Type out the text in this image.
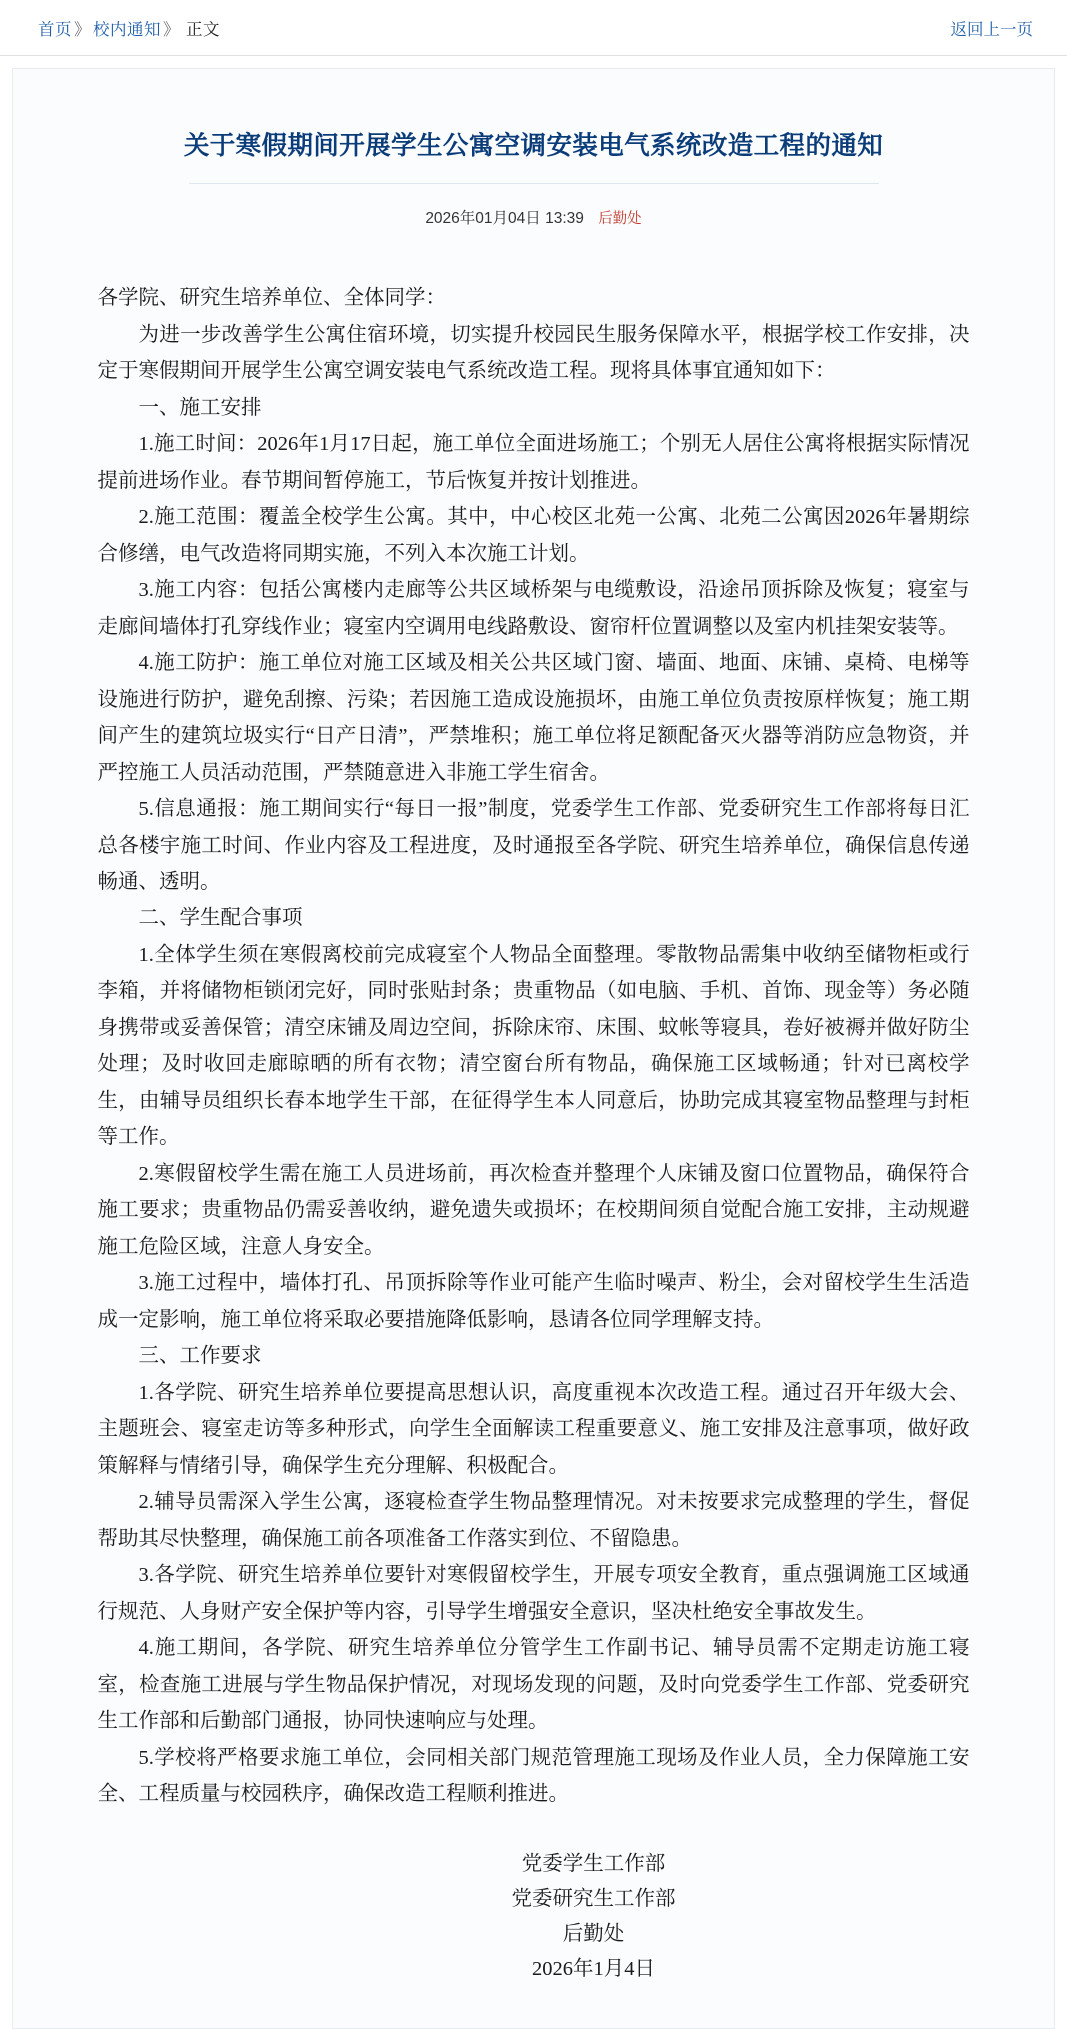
首页 》 校内通知 》 正文	返回上一页
关于寒假期间开展学生公寓空调安装电气系统改造工程的通知
2026年01月04日 13:39 后勤处

各学院、研究生培养单位、全体同学：

为进一步改善学生公寓住宿环境，切实提升校园民生服务保障水平，根据学校工作安排，决定于寒假期间开展学生公寓空调安装电气系统改造工程。现将具体事宜通知如下：

一、施工安排

1.施工时间：2026年1月17日起，施工单位全面进场施工；个别无人居住公寓将根据实际情况提前进场作业。春节期间暂停施工，节后恢复并按计划推进。

2.施工范围：覆盖全校学生公寓。其中，中心校区北苑一公寓、北苑二公寓因2026年暑期综合修缮，电气改造将同期实施，不列入本次施工计划。

3.施工内容：包括公寓楼内走廊等公共区域桥架与电缆敷设，沿途吊顶拆除及恢复；寝室与走廊间墙体打孔穿线作业；寝室内空调用电线路敷设、窗帘杆位置调整以及室内机挂架安装等。

4.施工防护：施工单位对施工区域及相关公共区域门窗、墙面、地面、床铺、桌椅、电梯等设施进行防护，避免刮擦、污染；若因施工造成设施损坏，由施工单位负责按原样恢复；施工期间产生的建筑垃圾实行“日产日清”，严禁堆积；施工单位将足额配备灭火器等消防应急物资，并严控施工人员活动范围，严禁随意进入非施工学生宿舍。

5.信息通报：施工期间实行“每日一报”制度，党委学生工作部、党委研究生工作部将每日汇总各楼宇施工时间、作业内容及工程进度，及时通报至各学院、研究生培养单位，确保信息传递畅通、透明。

二、学生配合事项

1.全体学生须在寒假离校前完成寝室个人物品全面整理。零散物品需集中收纳至储物柜或行李箱，并将储物柜锁闭完好，同时张贴封条；贵重物品（如电脑、手机、首饰、现金等）务必随身携带或妥善保管；清空床铺及周边空间，拆除床帘、床围、蚊帐等寝具，卷好被褥并做好防尘处理；及时收回走廊晾晒的所有衣物；清空窗台所有物品，确保施工区域畅通；针对已离校学生，由辅导员组织长春本地学生干部，在征得学生本人同意后，协助完成其寝室物品整理与封柜等工作。

2.寒假留校学生需在施工人员进场前，再次检查并整理个人床铺及窗口位置物品，确保符合施工要求；贵重物品仍需妥善收纳，避免遗失或损坏；在校期间须自觉配合施工安排，主动规避施工危险区域，注意人身安全。

3.施工过程中，墙体打孔、吊顶拆除等作业可能产生临时噪声、粉尘，会对留校学生生活造成一定影响，施工单位将采取必要措施降低影响，恳请各位同学理解支持。

三、工作要求

1.各学院、研究生培养单位要提高思想认识，高度重视本次改造工程。通过召开年级大会、主题班会、寝室走访等多种形式，向学生全面解读工程重要意义、施工安排及注意事项，做好政策解释与情绪引导，确保学生充分理解、积极配合。

2.辅导员需深入学生公寓，逐寝检查学生物品整理情况。对未按要求完成整理的学生，督促帮助其尽快整理，确保施工前各项准备工作落实到位、不留隐患。

3.各学院、研究生培养单位要针对寒假留校学生，开展专项安全教育，重点强调施工区域通行规范、人身财产安全保护等内容，引导学生增强安全意识，坚决杜绝安全事故发生。

4.施工期间，各学院、研究生培养单位分管学生工作副书记、辅导员需不定期走访施工寝室，检查施工进展与学生物品保护情况，对现场发现的问题，及时向党委学生工作部、党委研究生工作部和后勤部门通报，协同快速响应与处理。

5.学校将严格要求施工单位，会同相关部门规范管理施工现场及作业人员，全力保障施工安全、工程质量与校园秩序，确保改造工程顺利推进。

党委学生工作部
党委研究生工作部
后勤处
2026年1月4日
